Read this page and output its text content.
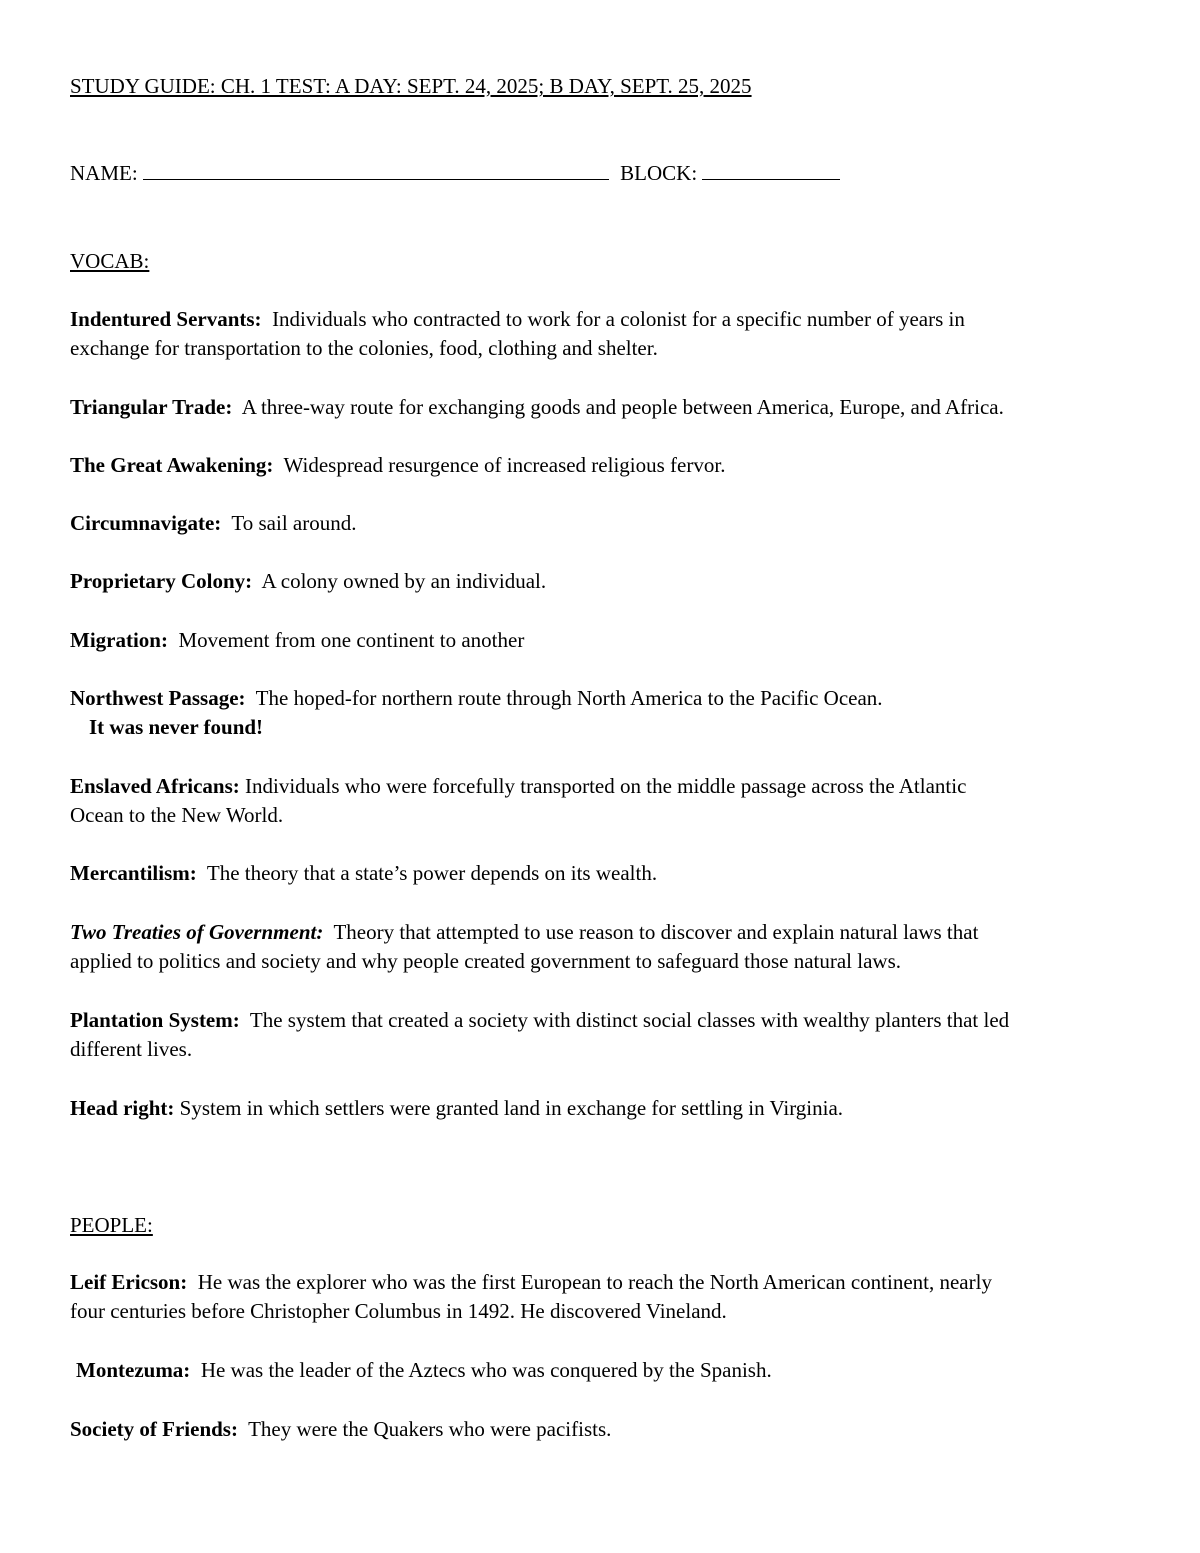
STUDY GUIDE: CH. 1 TEST: A DAY: SEPT. 24, 2025; B DAY, SEPT. 25, 2025
NAME:	BLOCK:
VOCAB:
Indentured Servants:  Individuals who contracted to work for a colonist for a specific number of years in
exchange for transportation to the colonies, food, clothing and shelter.
Triangular Trade:  A three-way route for exchanging goods and people between America, Europe, and Africa.
The Great Awakening:  Widespread resurgence of increased religious fervor.
Circumnavigate:  To sail around.
Proprietary Colony:  A colony owned by an individual.
Migration:  Movement from one continent to another
Northwest Passage:  The hoped-for northern route through North America to the Pacific Ocean.
It was never found!
Enslaved Africans: Individuals who were forcefully transported on the middle passage across the Atlantic
Ocean to the New World.
Mercantilism:  The theory that a state’s power depends on its wealth.
Two Treaties of Government:  Theory that attempted to use reason to discover and explain natural laws that
applied to politics and society and why people created government to safeguard those natural laws.
Plantation System:  The system that created a society with distinct social classes with wealthy planters that led
different lives.
Head right: System in which settlers were granted land in exchange for settling in Virginia.
PEOPLE:
Leif Ericson:  He was the explorer who was the first European to reach the North American continent, nearly
four centuries before Christopher Columbus in 1492. He discovered Vineland.
Montezuma:  He was the leader of the Aztecs who was conquered by the Spanish.
Society of Friends:  They were the Quakers who were pacifists.
